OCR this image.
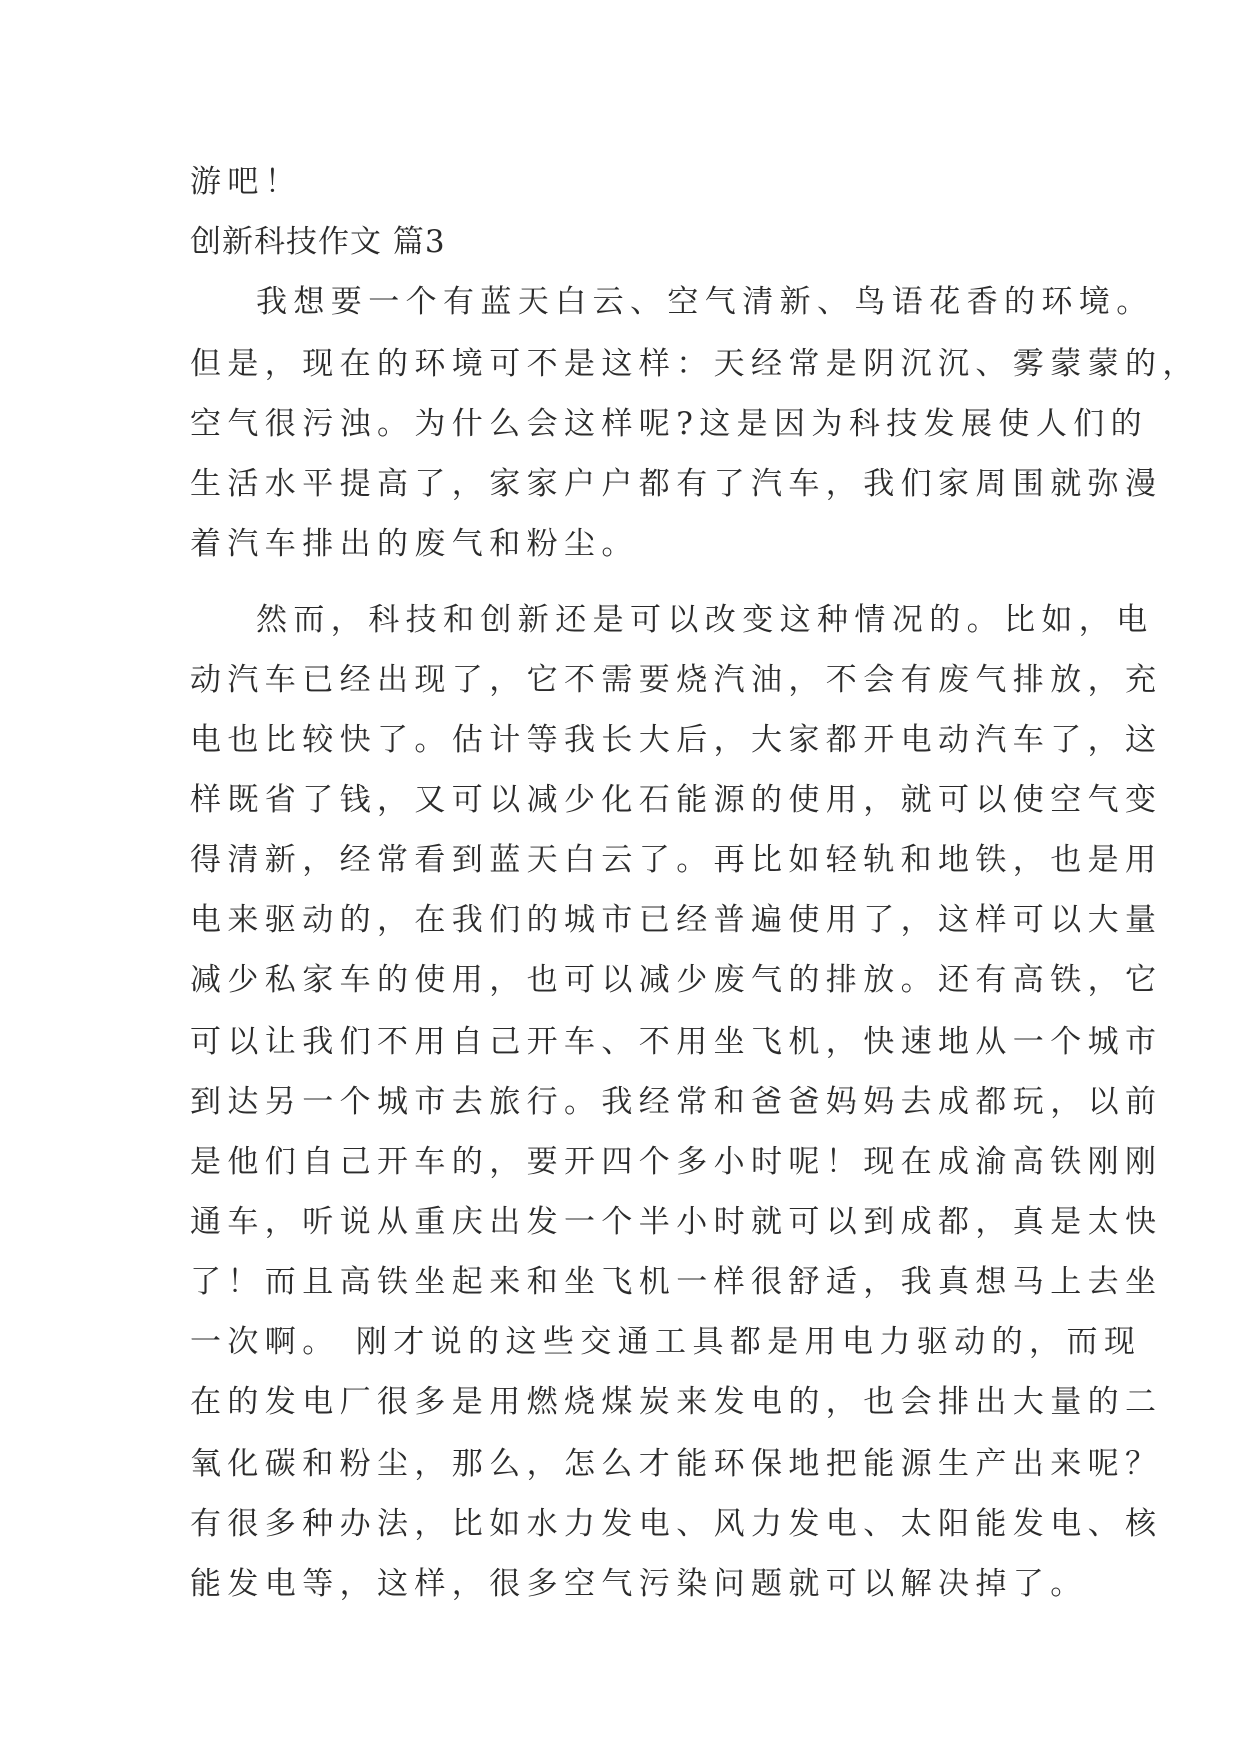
游吧！
创新科技作文 篇3
我想要一个有蓝天白云、空气清新、鸟语花香的环境。
但是，现在的环境可不是这样：天经常是阴沉沉、雾蒙蒙的，
空气很污浊。为什么会这样呢?这是因为科技发展使人们的
生活水平提高了，家家户户都有了汽车，我们家周围就弥漫
着汽车排出的废气和粉尘。
然而，科技和创新还是可以改变这种情况的。比如，电
动汽车已经出现了，它不需要烧汽油，不会有废气排放，充
电也比较快了。估计等我长大后，大家都开电动汽车了，这
样既省了钱，又可以减少化石能源的使用，就可以使空气变
得清新，经常看到蓝天白云了。再比如轻轨和地铁，也是用
电来驱动的，在我们的城市已经普遍使用了，这样可以大量
减少私家车的使用，也可以减少废气的排放。还有高铁，它
可以让我们不用自己开车、不用坐飞机，快速地从一个城市
到达另一个城市去旅行。我经常和爸爸妈妈去成都玩，以前
是他们自己开车的，要开四个多小时呢！现在成渝高铁刚刚
通车，听说从重庆出发一个半小时就可以到成都，真是太快
了！而且高铁坐起来和坐飞机一样很舒适，我真想马上去坐
一次啊。 刚才说的这些交通工具都是用电力驱动的，而现
在的发电厂很多是用燃烧煤炭来发电的，也会排出大量的二
氧化碳和粉尘，那么，怎么才能环保地把能源生产出来呢？
有很多种办法，比如水力发电、风力发电、太阳能发电、核
能发电等，这样，很多空气污染问题就可以解决掉了。
